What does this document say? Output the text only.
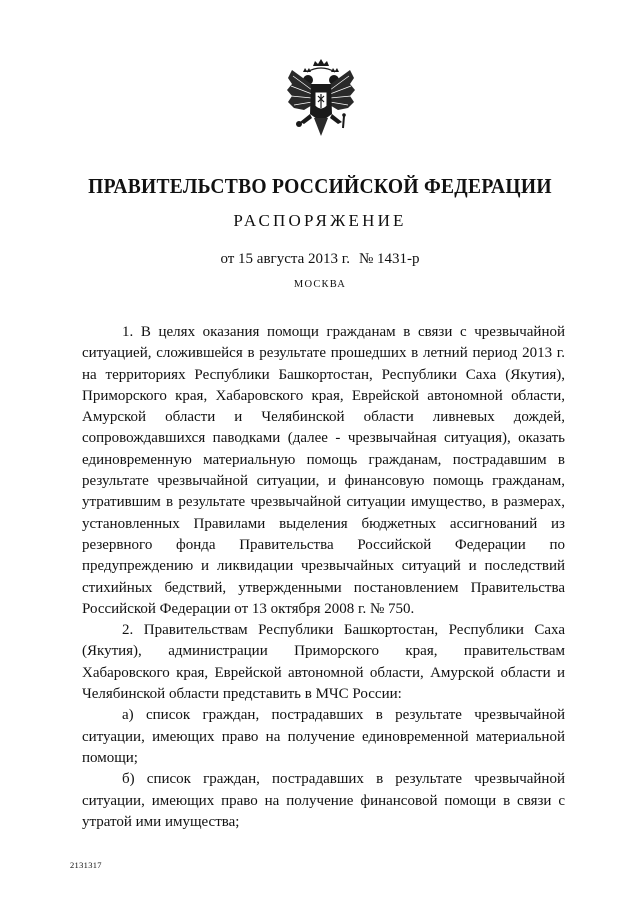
ПРАВИТЕЛЬСТВО РОССИЙСКОЙ ФЕДЕРАЦИИ
РАСПОРЯЖЕНИЕ
от 15 августа 2013 г. № 1431-р
МОСКВА

1. В целях оказания помощи гражданам в связи с чрезвычайной ситуацией, сложившейся в результате прошедших в летний период 2013 г. на территориях Республики Башкортостан, Республики Саха (Якутия), Приморского края, Хабаровского края, Еврейской автономной области, Амурской области и Челябинской области ливневых дождей, сопровождавшихся паводками (далее - чрезвычайная ситуация), оказать единовременную материальную помощь гражданам, пострадавшим в результате чрезвычайной ситуации, и финансовую помощь гражданам, утратившим в результате чрезвычайной ситуации имущество, в размерах, установленных Правилами выделения бюджетных ассигнований из резервного фонда Правительства Российской Федерации по предупреждению и ликвидации чрезвычайных ситуаций и последствий стихийных бедствий, утвержденными постановлением Правительства Российской Федерации от 13 октября 2008 г. № 750.

2. Правительствам Республики Башкортостан, Республики Саха (Якутия), администрации Приморского края, правительствам Хабаровского края, Еврейской автономной области, Амурской области и Челябинской области представить в МЧС России:

а) список граждан, пострадавших в результате чрезвычайной ситуации, имеющих право на получение единовременной материальной помощи;

б) список граждан, пострадавших в результате чрезвычайной ситуации, имеющих право на получение финансовой помощи в связи с утратой ими имущества;

2131317
